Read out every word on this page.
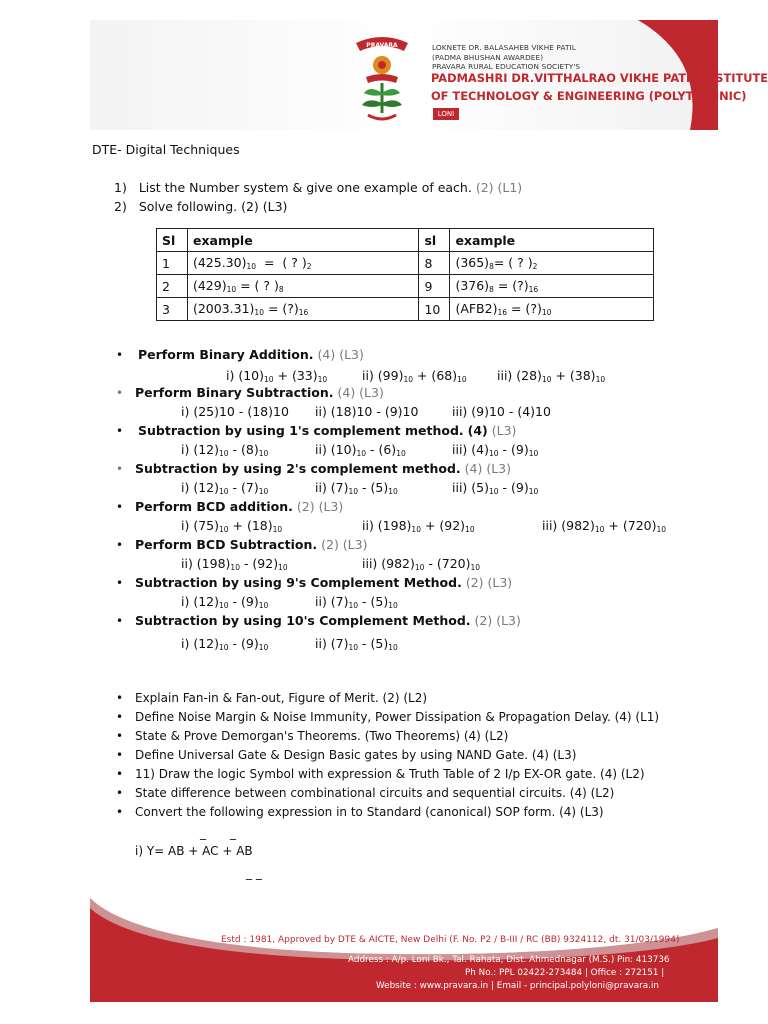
PRAVARA	LOKNETE DR. BALASAHEB VIKHE PATIL
(PADMA BHUSHAN AWARDEE)
PRAVARA RURAL EDUCATION SOCIETY'S
PADMASHRI DR.VITTHALRAO VIKHE PATIL INSTITUTE
OF TECHNOLOGY & ENGINEERING (POLYTECHNIC)
LONI
DTE- Digital Techniques
1) List the Number system & give one example of each. (2) (L1)
2) Solve following. (2) (L3)
Sl	example	sl	example
1	$(425.30)_{10}$  =  ( ? )$_2$	8	$(365)_8=$ ( ? )$_2$
2	$(429)_{10}$ = ( ? )$_8$	9	$(376)_8$ = $(?)_{16}$
3	$(2003.31)_{10}$ = $(?)_{16}$	10	$(AFB2)_{16}$ = $(?)_{10}$
• Perform Binary Addition. (4) (L3)
i) $(10)_{10} + (33)_{10}$	ii) $(99)_{10} + (68)_{10}$ iii) $(28)_{10} + (38)_{10}$
• Perform Binary Subtraction. (4) (L3)
i) (25)10 - (18)10 ii) (18)10 - (9)10	iii) (9)10 - (4)10
• Subtraction by using 1's complement method. (4) (L3)
i) $(12)_{10} - (8)_{10}$	ii) $(10)_{10} - (6)_{10}$	iii) $(4)_{10} - (9)_{10}$
• Subtraction by using 2's complement method. (4) (L3)
i) $(12)_{10} - (7)_{10}$	ii) $(7)_{10} - (5)_{10}$	iii) $(5)_{10} - (9)_{10}$
• Perform BCD addition. (2) (L3)
i) $(75)_{10} + (18)_{10}$	ii) $(198)_{10} + (92)_{10}$	iii) $(982)_{10} + (720)_{10}$
• Perform BCD Subtraction. (2) (L3)
ii) $(198)_{10} - (92)_{10}$	iii) $(982)_{10} - (720)_{10}$
• Subtraction by using 9's Complement Method. (2) (L3)
i) $(12)_{10} - (9)_{10}$	ii) $(7)_{10} - (5)_{10}$
• Subtraction by using 10's Complement Method. (2) (L3)
i) $(12)_{10} - (9)_{10}$	ii) $(7)_{10} - (5)_{10}$
• Explain Fan-in & Fan-out, Figure of Merit. (2) (L2)
• Define Noise Margin & Noise Immunity, Power Dissipation & Propagation Delay. (4) (L1)
• State & Prove Demorgan's Theorems. (Two Theorems) (4) (L2)
• Define Universal Gate & Design Basic gates by using NAND Gate. (4) (L3)
• 11) Draw the logic Symbol with expression & Truth Table of 2 I/p EX-OR gate. (4) (L2)
• State difference between combinational circuits and sequential circuits. (4) (L2)
• Convert the following expression in to Standard (canonical) SOP form. (4) (L3)
_ _
i) Y= AB + AC + AB
_ _
Estd : 1981, Approved by DTE & AICTE, New Delhi (F. No. P2 / B-III / RC (BB) 9324112, dt. 31/03/1994)
Address : A/p. Loni Bk., Tal. Rahata, Dist. Ahmednagar (M.S.) Pin: 413736
Ph No.: PPL 02422-273484 | Office : 272151 |
Website : www.pravara.in | Email - principal.polyloni@pravara.in
